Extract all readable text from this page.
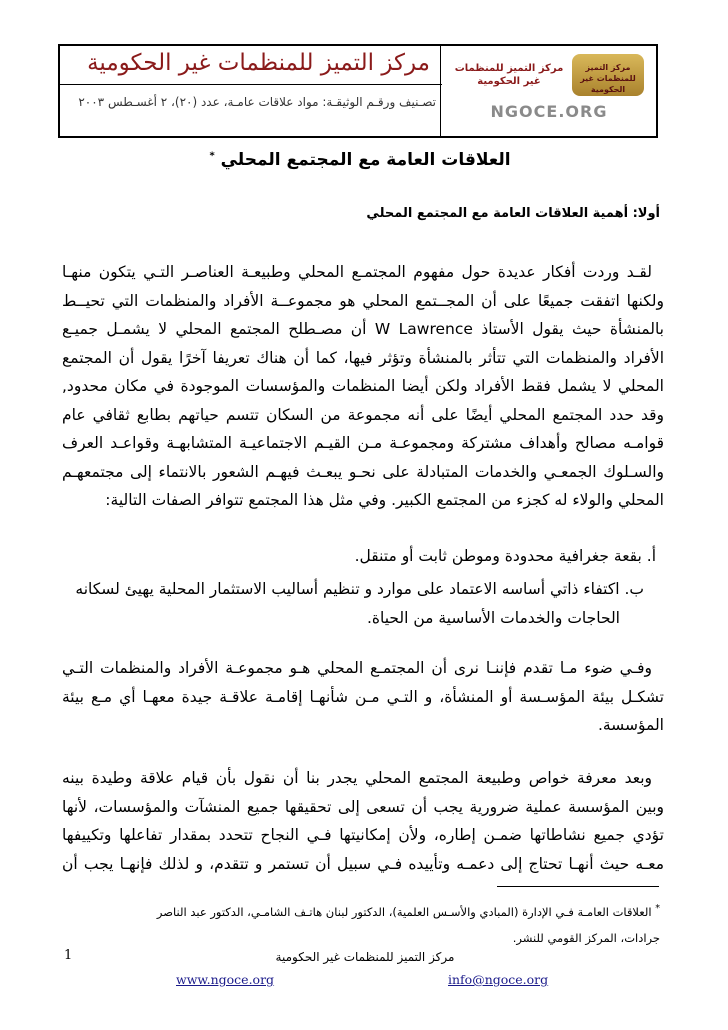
مركز التميز للمنظمات غير الحكومية
تصـنيف ورقـم الوثيقـة: مواد علاقات عامـة، عدد (٢٠)، ٢ أغسـطس ٢٠٠٣
مركز التميز للمنظمات غير الحكومية
مركز التميز للمنظمات غير الحكومية
NGOCE.ORG
العلاقات العامة مع المجتمع المحلي *
أولا: أهمية العلاقات العامة مع المجتمع المحلي
لقـد وردت أفكار عديدة حول مفهوم المجتمـع المحلي وطبيعـة العناصـر التـي يتكون منهـا
ولكنها اتفقت جميعًا على أن المجــتمع المحلي هو مجموعــة الأفراد والمنظمات التي تحيــط
بالمنشأة حيث يقول الأستاذ W Lawrence أن مصـطلح المجتمع المحلي لا يشمـل جميـع
الأفراد والمنظمات التي تتأثر بالمنشأة وتؤثر فيها، كما أن هناك تعريفا آخرًا يقول أن المجتمع
المحلي لا يشمل فقط الأفراد ولكن أيضا المنظمات والمؤسسات الموجودة في مكان محدود,
وقد حدد المجتمع المحلي أيضًا على أنه مجموعة من السكان تتسم حياتهم بطابع ثقافي عام
قوامـه مصالح وأهداف مشتركة ومجموعـة مـن القيـم الاجتماعيـة المتشابهـة وقواعـد العرف
والسـلوك الجمعـي والخدمات المتبادلة على نحـو يبعـث فيهـم الشعور بالانتماء إلى مجتمعهـم
المحلي والولاء له كجزء من المجتمع الكبير. وفي مثل هذا المجتمع تتوافر الصفات التالية:
أ. بقعة جغرافية محدودة وموطن ثابت أو متنقل.
ب. اكتفاء ذاتي أساسه الاعتماد على موارد و تنظيم أساليب الاستثمار المحلية يهيئ لسكانه
الحاجات والخدمات الأساسية من الحياة.
وفـي ضوء مـا تقدم فإننـا نرى أن المجتمـع المحلي هـو مجموعـة الأفراد والمنظمات التـي
تشكـل بيئة المؤسـسة أو المنشأة، و التـي مـن شأنهـا إقامـة علاقـة جيدة معهـا أي مـع بيئة
المؤسسة.
وبعد معرفة خواص وطبيعة المجتمع المحلي يجدر بنا أن نقول بأن قيام علاقة وطيدة بينه
وبين المؤسسة عملية ضرورية يجب أن تسعى إلى تحقيقها جميع المنشآت والمؤسسات، لأنها
تؤدي جميع نشاطاتها ضمـن إطاره، ولأن إمكانيتها فـي النجاح تتحدد بمقدار تفاعلها وتكييفها
معـه حيث أنهـا تحتاج إلى دعمـه وتأييده فـي سبيل أن تستمر و تتقدم، و لذلك فإنهـا يجب أن
* العلاقات العامـة فـي الإدارة (المبادي والأسـس العلمية)، الدكتور لبنان هاتـف الشامـي، الدكتور عبد الناصر
جرادات، المركز القومي للنشر.
1	مركز التميز للمنظمات غير الحكومية
www.ngoce.org	info@ngoce.org
